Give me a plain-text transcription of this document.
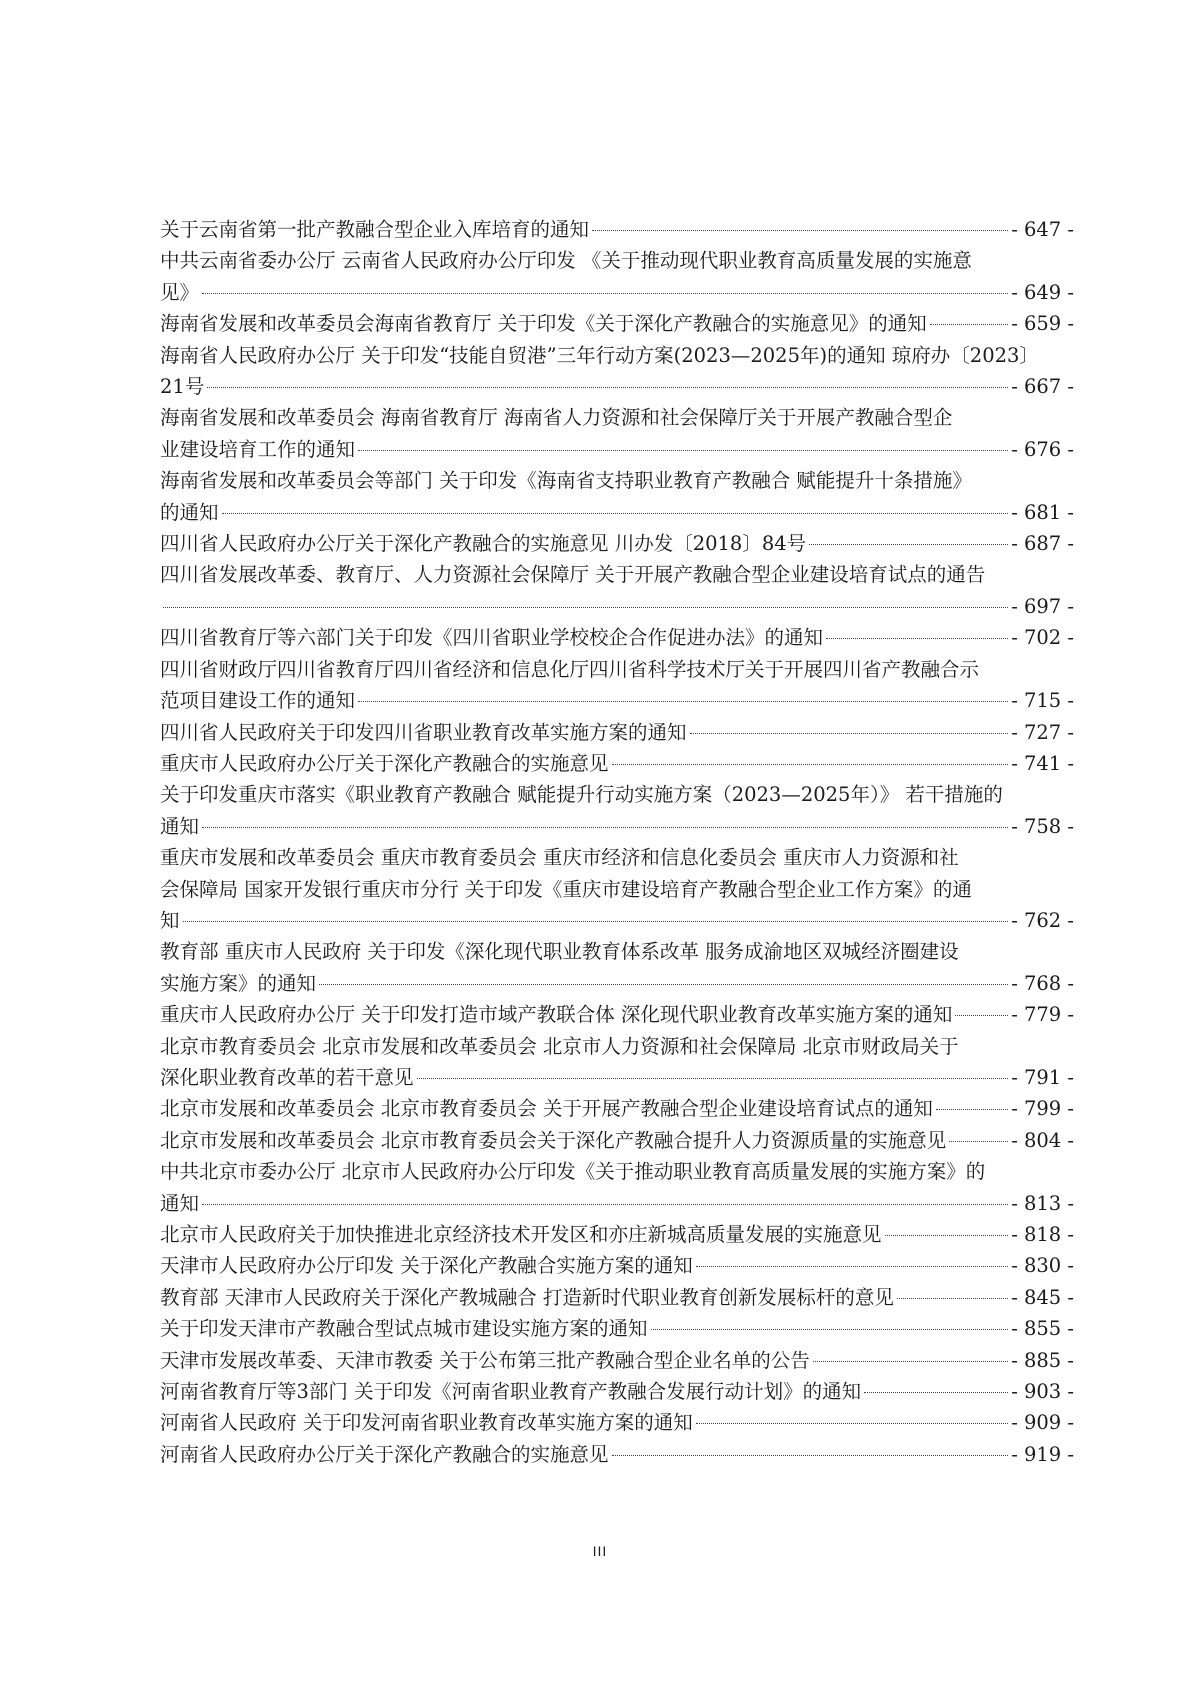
关于云南省第一批产教融合型企业入库培育的通知	- 647 -
中共云南省委办公厅 云南省人民政府办公厅印发 《关于推动现代职业教育高质量发展的实施意
见》	- 649 -
海南省发展和改革委员会海南省教育厅 关于印发《关于深化产教融合的实施意见》的通知	- 659 -
海南省人民政府办公厅 关于印发“技能自贸港”三年行动方案(2023—2025年)的通知 琼府办〔2023〕
21号	- 667 -
海南省发展和改革委员会 海南省教育厅 海南省人力资源和社会保障厅关于开展产教融合型企
业建设培育工作的通知	- 676 -
海南省发展和改革委员会等部门 关于印发《海南省支持职业教育产教融合 赋能提升十条措施》
的通知	- 681 -
四川省人民政府办公厅关于深化产教融合的实施意见 川办发〔2018〕84号	- 687 -
四川省发展改革委、教育厅、人力资源社会保障厅 关于开展产教融合型企业建设培育试点的通告
- 697 -
四川省教育厅等六部门关于印发《四川省职业学校校企合作促进办法》的通知	- 702 -
四川省财政厅四川省教育厅四川省经济和信息化厅四川省科学技术厅关于开展四川省产教融合示
范项目建设工作的通知	- 715 -
四川省人民政府关于印发四川省职业教育改革实施方案的通知	- 727 -
重庆市人民政府办公厅关于深化产教融合的实施意见	- 741 -
关于印发重庆市落实《职业教育产教融合 赋能提升行动实施方案（2023—2025年）》 若干措施的
通知	- 758 -
重庆市发展和改革委员会 重庆市教育委员会 重庆市经济和信息化委员会 重庆市人力资源和社
会保障局 国家开发银行重庆市分行 关于印发《重庆市建设培育产教融合型企业工作方案》的通
知	- 762 -
教育部 重庆市人民政府 关于印发《深化现代职业教育体系改革 服务成渝地区双城经济圈建设
实施方案》的通知	- 768 -
重庆市人民政府办公厅 关于印发打造市域产教联合体 深化现代职业教育改革实施方案的通知	- 779 -
北京市教育委员会 北京市发展和改革委员会 北京市人力资源和社会保障局 北京市财政局关于
深化职业教育改革的若干意见	- 791 -
北京市发展和改革委员会 北京市教育委员会 关于开展产教融合型企业建设培育试点的通知	- 799 -
北京市发展和改革委员会 北京市教育委员会关于深化产教融合提升人力资源质量的实施意见	- 804 -
中共北京市委办公厅 北京市人民政府办公厅印发《关于推动职业教育高质量发展的实施方案》的
通知	- 813 -
北京市人民政府关于加快推进北京经济技术开发区和亦庄新城高质量发展的实施意见	- 818 -
天津市人民政府办公厅印发 关于深化产教融合实施方案的通知	- 830 -
教育部 天津市人民政府关于深化产教城融合 打造新时代职业教育创新发展标杆的意见	- 845 -
关于印发天津市产教融合型试点城市建设实施方案的通知	- 855 -
天津市发展改革委、天津市教委 关于公布第三批产教融合型企业名单的公告	- 885 -
河南省教育厅等3部门 关于印发《河南省职业教育产教融合发展行动计划》的通知	- 903 -
河南省人民政府 关于印发河南省职业教育改革实施方案的通知	- 909 -
河南省人民政府办公厅关于深化产教融合的实施意见	- 919 -
III
